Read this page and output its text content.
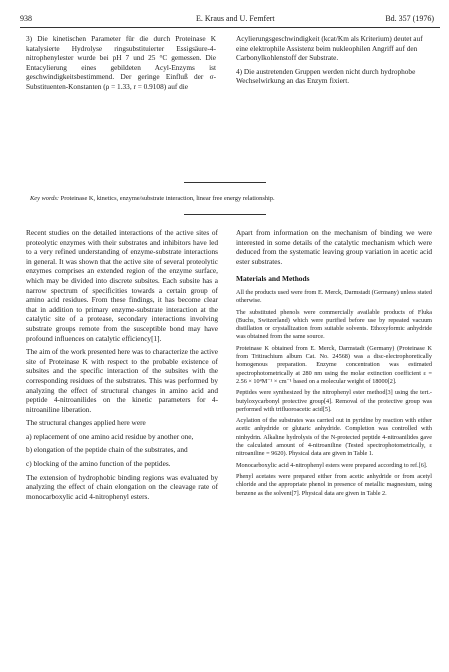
938	E. Kraus and U. Femfert	Bd. 357 (1976)

3) Die kinetischen Parameter für die durch Proteinase K katalysierte Hydrolyse ringsubstituierter Essigsäure-4-nitrophenylester wurde bei pH 7 und 25 °C gemessen. Die Entacylierung eines gebildeten Acyl-Enzyms ist geschwindigkeitsbestimmend. Der geringe Einfluß der σ-Substituenten-Konstanten (ρ = 1.33, r = 0.9108) auf die

Acylierungsgeschwindigkeit (kcat/Km als Kriterium) deutet auf eine elektrophile Assistenz beim nukleophilen Angriff auf den Carbonylkohlenstoff der Substrate.

4) Die austretenden Gruppen werden nicht durch hydrophobe Wechselwirkung an das Enzym fixiert.

Key words: Proteinase K, kinetics, enzyme/substrate interaction, linear free energy relationship.

Recent studies on the detailed interactions of the active sites of proteolytic enzymes with their substrates and inhibitors have led to a very refined understanding of enzyme-substrate interactions in general. It was shown that the active site of several proteolytic enzymes comprises an extended region of the enzyme surface, which may be divided into discrete subsites. Each subsite has a narrow spectrum of specificities towards a certain group of amino acid residues. From these findings, it has become clear that in addition to primary enzyme-substrate interaction at the catalytic site of a protease, secondary interactions involving substrate groups remote from the susceptible bond may have profound influences on catalytic efficiency[1].

The aim of the work presented here was to characterize the active site of Proteinase K with respect to the probable existence of subsites and the specific interaction of the subsites with the corresponding residues of the substrates. This was performed by analyzing the effect of structural changes in amino acid and peptide 4-nitroanilides on the kinetic parameters for 4-nitroaniline liberation.

The structural changes applied here were

a) replacement of one amino acid residue by another one,

b) elongation of the peptide chain of the substrates, and

c) blocking of the amino function of the peptides.

The extension of hydrophobic binding regions was evaluated by analyzing the effect of chain elongation on the cleavage rate of monocarboxylic acid 4-nitrophenyl esters.

Apart from information on the mechanism of binding we were interested in some details of the catalytic mechanism which were deduced from the systematic leaving group variation in acetic acid ester substrates.

Materials and Methods

All the products used were from E. Merck, Darmstadt (Germany) unless stated otherwise.

The substituted phenols were commercially available products of Fluka (Buchs, Switzerland) which were purified before use by repeated vacuum distillation or crystallization from suitable solvents. Ethoxyformic anhydride was obtained from the same source.

Proteinase K obtained from E. Merck, Darmstadt (Germany) (Proteinase K from Tritirachium album Cat. No. 24568) was a disc-electrophoretically homogenous preparation. Enzyme concentration was estimated spectrophotometrically at 280 nm using the molar extinction coefficient ε = 2.56 × 10⁴M⁻¹ × cm⁻¹ based on a molecular weight of 18000[2].

Peptides were synthesized by the nitrophenyl ester method[3] using the tert.-butyloxycarbonyl protective group[4]. Removal of the protective group was performed with trifluoroacetic acid[5].

Acylation of the substrates was carried out in pyridine by reaction with either acetic anhydride or glutaric anhydride. Completion was controlled with ninhydrin. Alkaline hydrolysis of the N-protected peptide 4-nitroanilides gave the calculated amount of 4-nitroaniline (Tested spectrophotometrically, ε nitroaniline = 9620). Physical data are given in Table 1.

Monocarboxylic acid 4-nitrophenyl esters were prepared according to ref.[6].

Phenyl acetates were prepared either from acetic anhydride or from acetyl chloride and the appropriate phenol in presence of metallic magnesium, using benzene as the solvent[7]. Physical data are given in Table 2.
